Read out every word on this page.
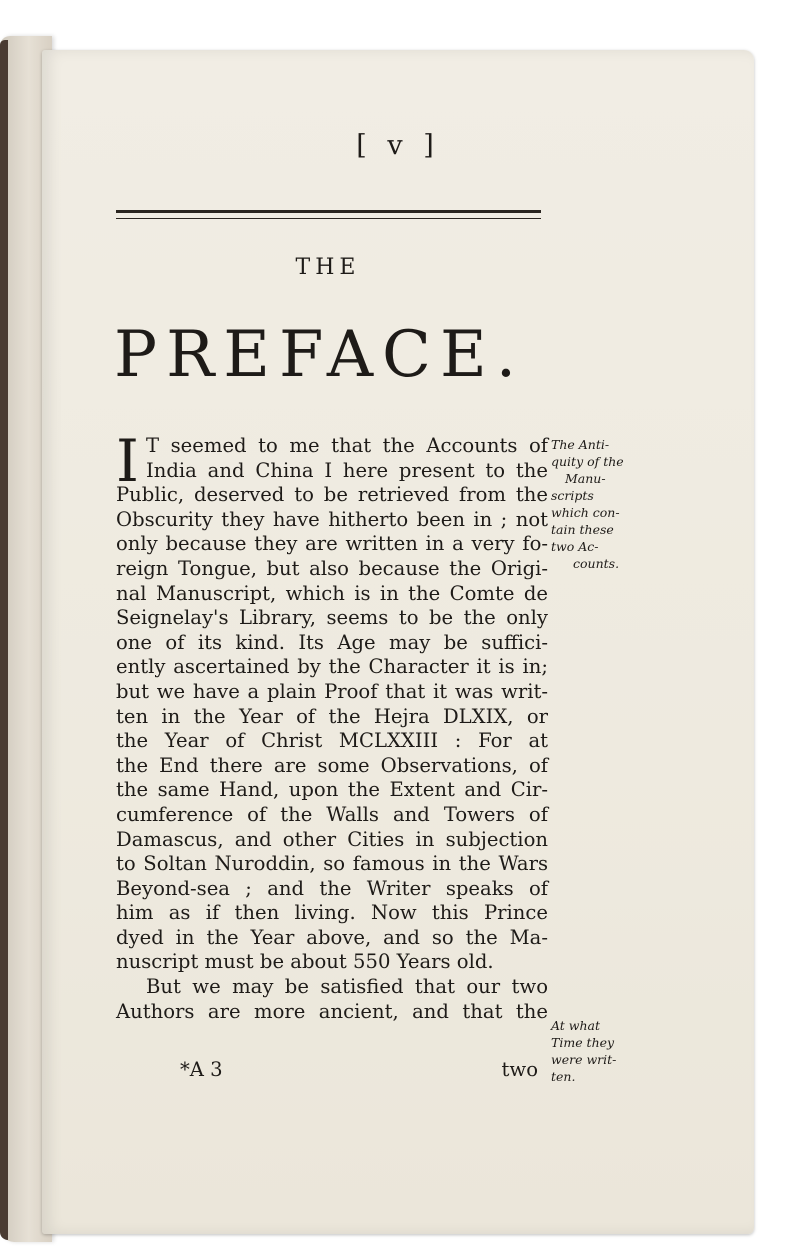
[ v ]
THE
PREFACE.
I T seemed to me that the Accounts of
India and China I here present to the
Public, deserved to be retrieved from the
Obscurity they have hitherto been in ; not
only because they are written in a very fo-
reign Tongue, but also because the Origi-
nal Manuscript, which is in the Comte de
Seignelay's Library, seems to be the only
one of its kind. Its Age may be suffici-
ently ascertained by the Character it is in;
but we have a plain Proof that it was writ-
ten in the Year of the Hejra DLXIX, or
the Year of Christ MCLXXIII : For at
the End there are some Observations, of
the same Hand, upon the Extent and Cir-
cumference of the Walls and Towers of
Damascus, and other Cities in subjection
to Soltan Nuroddin, so famous in the Wars
Beyond-sea ; and the Writer speaks of
him as if then living. Now this Prince
dyed in the Year above, and so the Ma-
nuscript must be about 550 Years old.
But we may be satisfied that our two
Authors are more ancient, and that the
*A 3	two
The Anti-
quity of the
Manu-
scripts
which con-
tain these
two Ac-
counts.
At what
Time they
were writ-
ten.
